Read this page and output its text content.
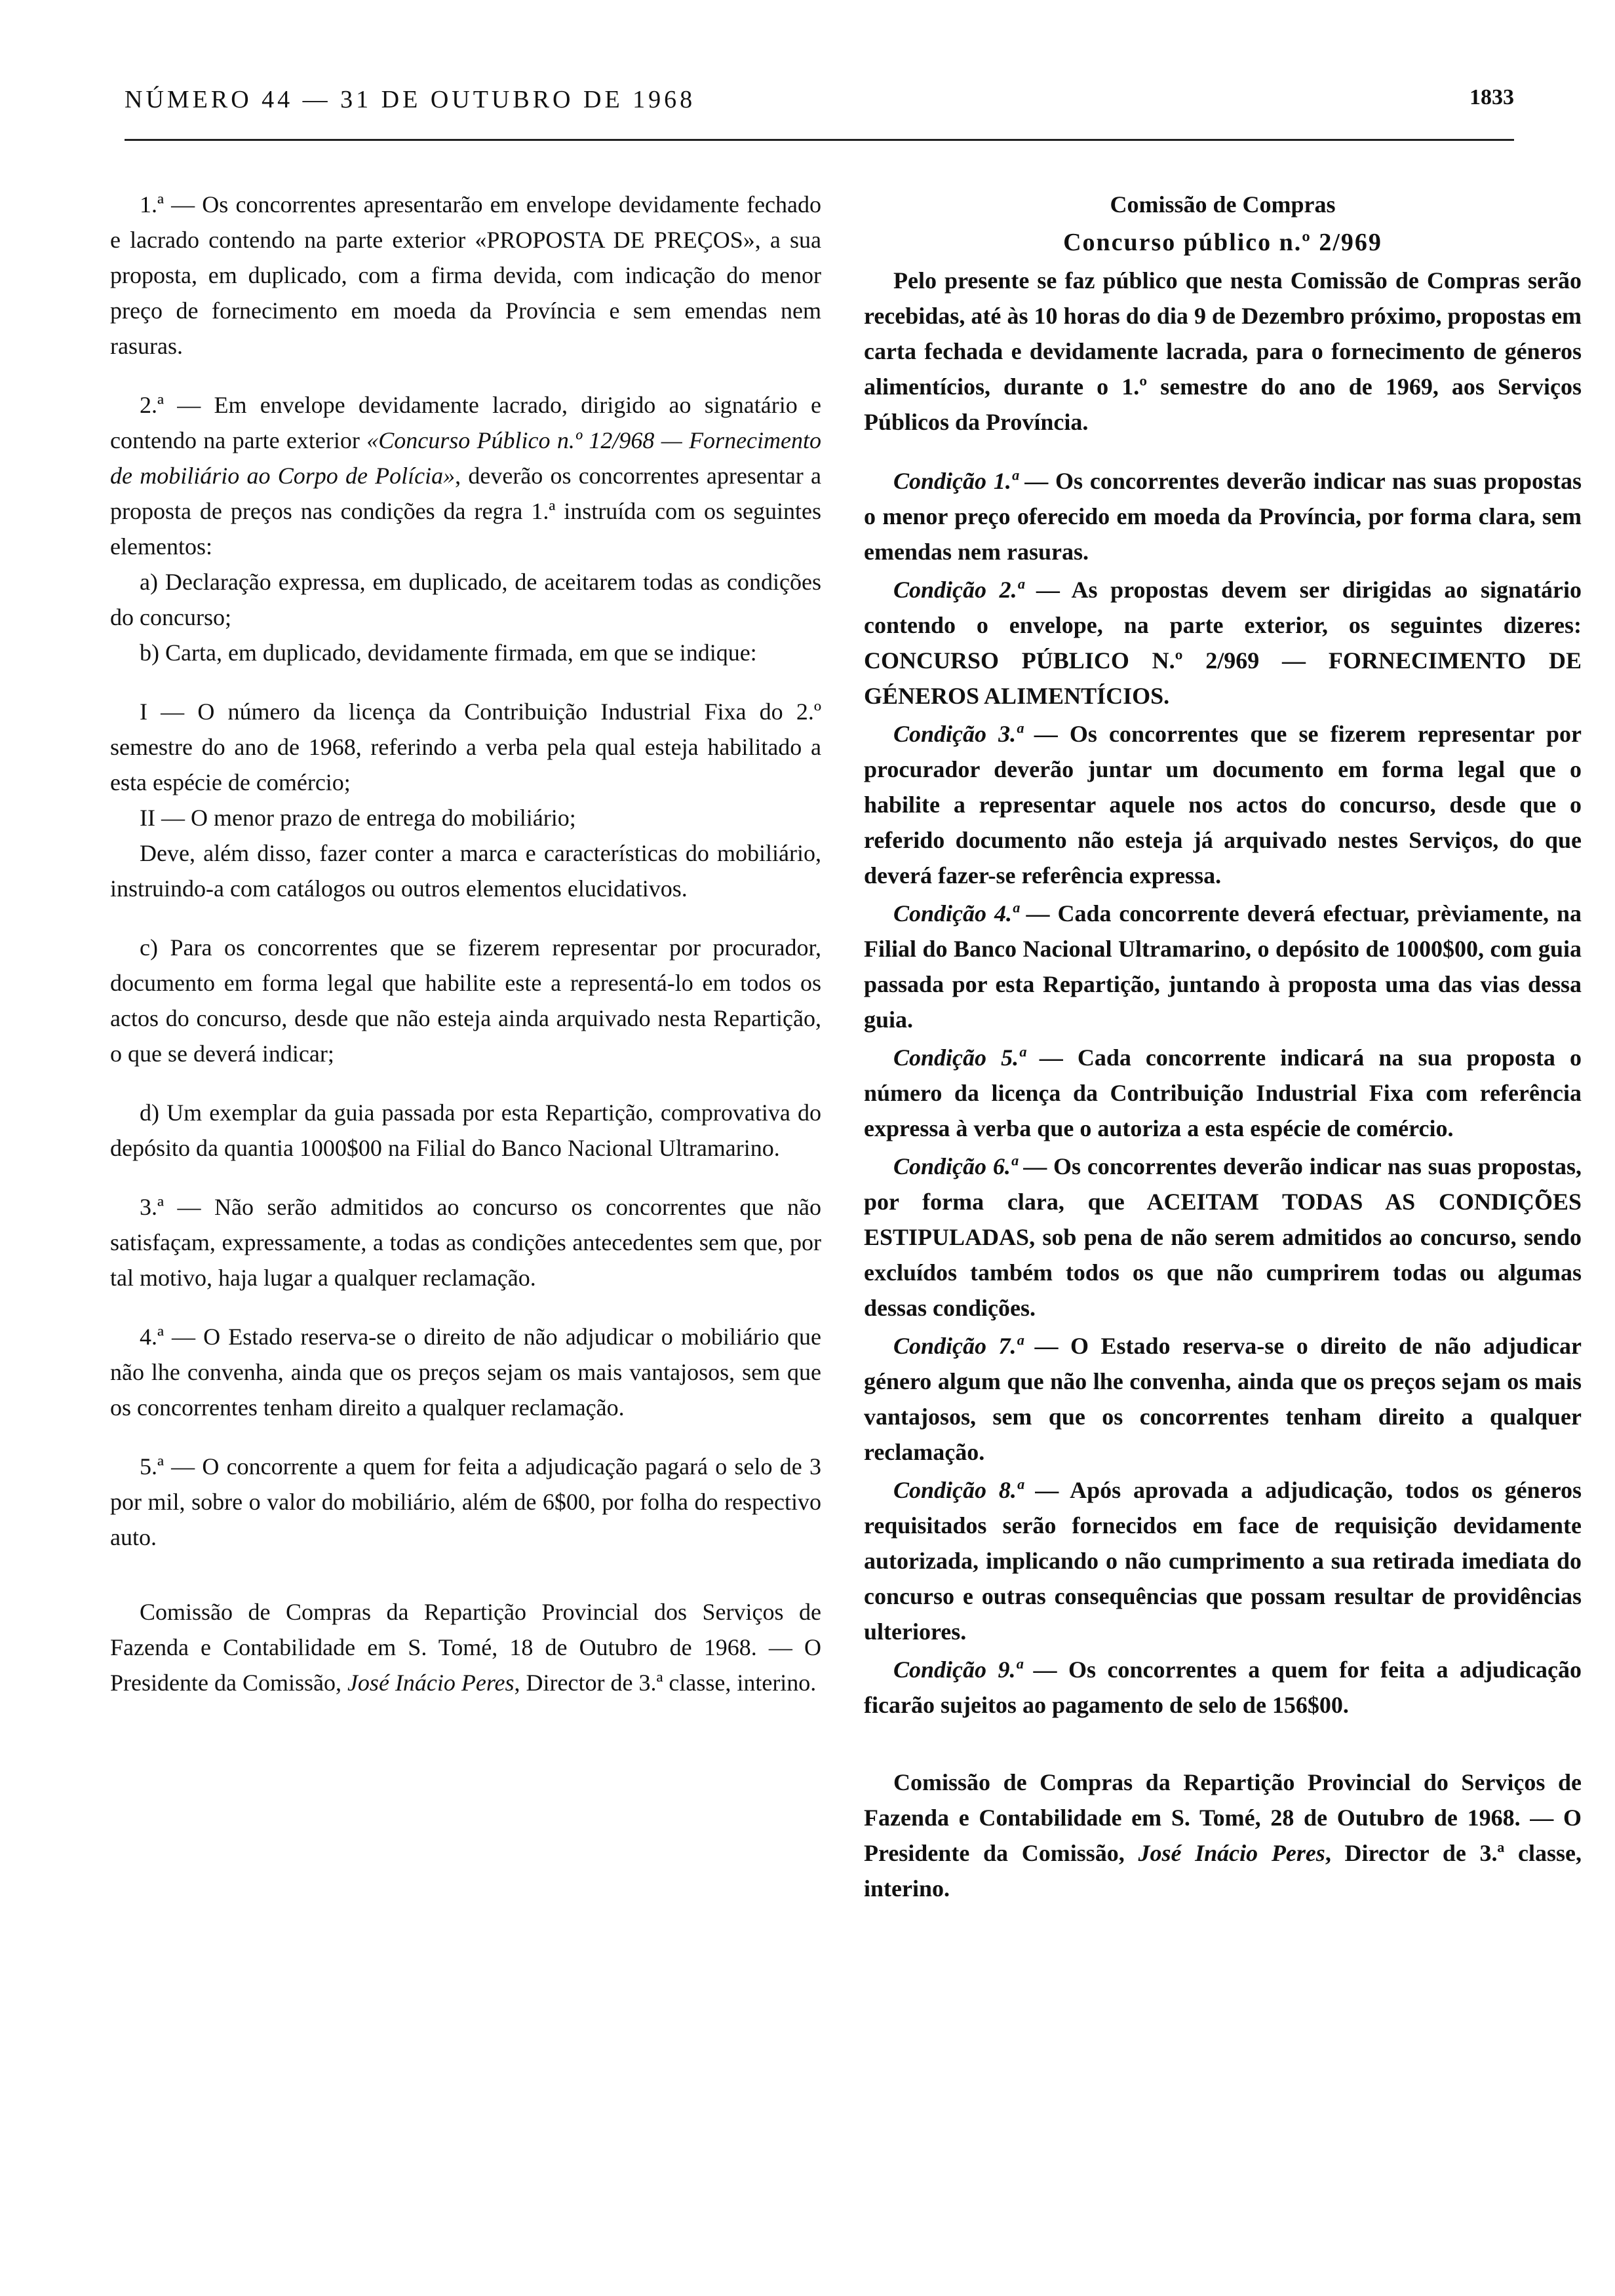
NÚMERO 44 — 31 DE OUTUBRO DE 1968	1833

1.ª — Os concorrentes apresentarão em envelope devidamente fechado e lacrado contendo na parte exterior «PROPOSTA DE PREÇOS», a sua proposta, em duplicado, com a firma devida, com indicação do menor preço de fornecimento em moeda da Província e sem emendas nem rasuras.

2.ª — Em envelope devidamente lacrado, dirigido ao signatário e contendo na parte exterior «Concurso Público n.º 12/968 — Fornecimento de mobiliário ao Corpo de Polícia», deverão os concorrentes apresentar a proposta de preços nas condições da regra 1.ª instruída com os seguintes elementos:

a) Declaração expressa, em duplicado, de aceitarem todas as condições do concurso;

b) Carta, em duplicado, devidamente firmada, em que se indique:

I — O número da licença da Contribuição Industrial Fixa do 2.º semestre do ano de 1968, referindo a verba pela qual esteja habilitado a esta espécie de comércio;

II — O menor prazo de entrega do mobiliário;

Deve, além disso, fazer conter a marca e características do mobiliário, instruindo-a com catálogos ou outros elementos elucidativos.

c) Para os concorrentes que se fizerem representar por procurador, documento em forma legal que habilite este a representá-lo em todos os actos do concurso, desde que não esteja ainda arquivado nesta Repartição, o que se deverá indicar;

d) Um exemplar da guia passada por esta Repartição, comprovativa do depósito da quantia 1000$00 na Filial do Banco Nacional Ultramarino.

3.ª — Não serão admitidos ao concurso os concorrentes que não satisfaçam, expressamente, a todas as condições antecedentes sem que, por tal motivo, haja lugar a qualquer reclamação.

4.ª — O Estado reserva-se o direito de não adjudicar o mobiliário que não lhe convenha, ainda que os preços sejam os mais vantajosos, sem que os concorrentes tenham direito a qualquer reclamação.

5.ª — O concorrente a quem for feita a adjudicação pagará o selo de 3 por mil, sobre o valor do mobiliário, além de 6$00, por folha do respectivo auto.

Comissão de Compras da Repartição Provincial dos Serviços de Fazenda e Contabilidade em S. Tomé, 18 de Outubro de 1968. — O Presidente da Comissão, José Inácio Peres, Director de 3.ª classe, interino.

Comissão de Compras

Concurso público n.º 2/969

Pelo presente se faz público que nesta Comissão de Compras serão recebidas, até às 10 horas do dia 9 de Dezembro próximo, propostas em carta fechada e devidamente lacrada, para o fornecimento de géneros alimentícios, durante o 1.º semestre do ano de 1969, aos Serviços Públicos da Província.

Condição 1.ª — Os concorrentes deverão indicar nas suas propostas o menor preço oferecido em moeda da Província, por forma clara, sem emendas nem rasuras.

Condição 2.ª — As propostas devem ser dirigidas ao signatário contendo o envelope, na parte exterior, os seguintes dizeres: CONCURSO PÚBLICO N.º 2/969 — FORNECIMENTO DE GÉNEROS ALIMENTÍCIOS.

Condição 3.ª — Os concorrentes que se fizerem representar por procurador deverão juntar um documento em forma legal que o habilite a representar aquele nos actos do concurso, desde que o referido documento não esteja já arquivado nestes Serviços, do que deverá fazer-se referência expressa.

Condição 4.ª — Cada concorrente deverá efectuar, prèviamente, na Filial do Banco Nacional Ultramarino, o depósito de 1000$00, com guia passada por esta Repartição, juntando à proposta uma das vias dessa guia.

Condição 5.ª — Cada concorrente indicará na sua proposta o número da licença da Contribuição Industrial Fixa com referência expressa à verba que o autoriza a esta espécie de comércio.

Condição 6.ª — Os concorrentes deverão indicar nas suas propostas, por forma clara, que ACEITAM TODAS AS CONDIÇÕES ESTIPULADAS, sob pena de não serem admitidos ao concurso, sendo excluídos também todos os que não cumprirem todas ou algumas dessas condições.

Condição 7.ª — O Estado reserva-se o direito de não adjudicar género algum que não lhe convenha, ainda que os preços sejam os mais vantajosos, sem que os concorrentes tenham direito a qualquer reclamação.

Condição 8.ª — Após aprovada a adjudicação, todos os géneros requisitados serão fornecidos em face de requisição devidamente autorizada, implicando o não cumprimento a sua retirada imediata do concurso e outras consequências que possam resultar de providências ulteriores.

Condição 9.ª — Os concorrentes a quem for feita a adjudicação ficarão sujeitos ao pagamento de selo de 156$00.

Comissão de Compras da Repartição Provincial do Serviços de Fazenda e Contabilidade em S. Tomé, 28 de Outubro de 1968. — O Presidente da Comissão, José Inácio Peres, Director de 3.ª classe, interino.
